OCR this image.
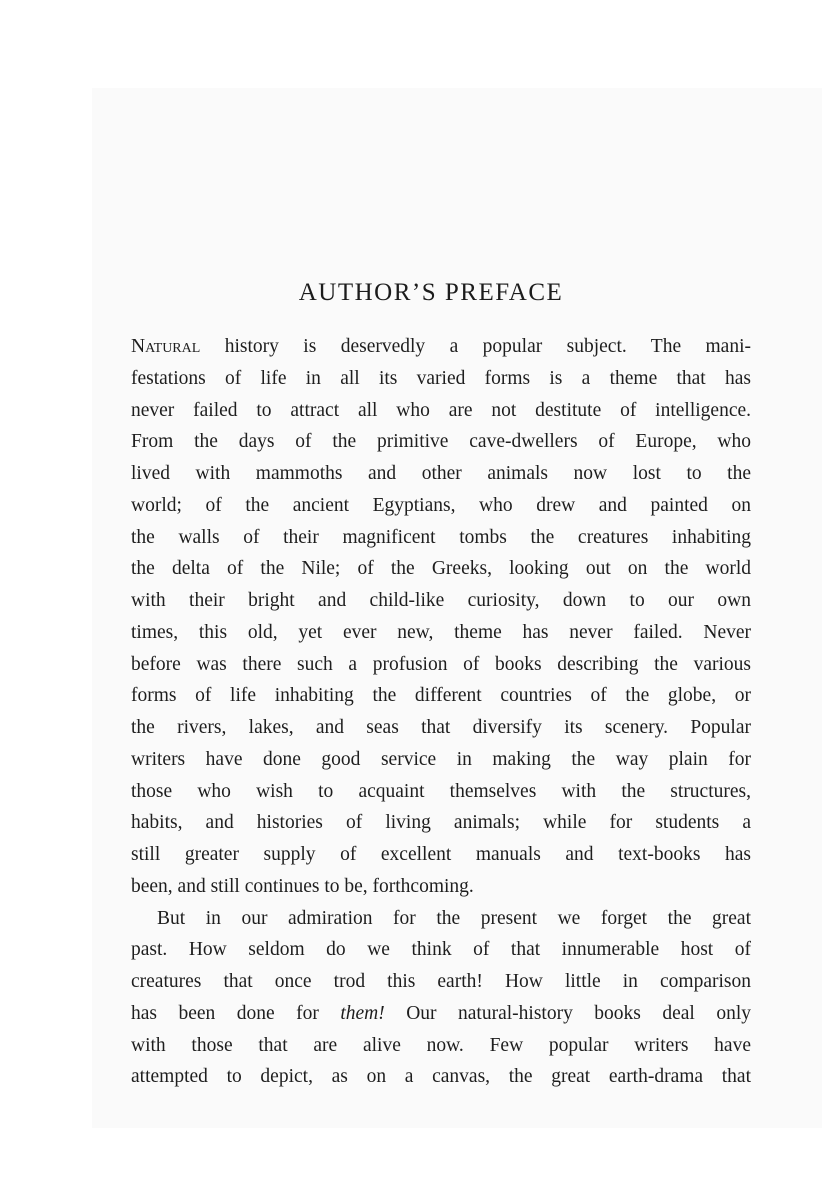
AUTHOR’S PREFACE
Natural history is deservedly a popular subject. The mani-
festations of life in all its varied forms is a theme that has
never failed to attract all who are not destitute of intelligence.
From the days of the primitive cave-dwellers of Europe, who
lived with mammoths and other animals now lost to the
world; of the ancient Egyptians, who drew and painted on
the walls of their magnificent tombs the creatures inhabiting
the delta of the Nile; of the Greeks, looking out on the world
with their bright and child-like curiosity, down to our own
times, this old, yet ever new, theme has never failed. Never
before was there such a profusion of books describing the various
forms of life inhabiting the different countries of the globe, or
the rivers, lakes, and seas that diversify its scenery. Popular
writers have done good service in making the way plain for
those who wish to acquaint themselves with the structures,
habits, and histories of living animals; while for students a
still greater supply of excellent manuals and text-books has
been, and still continues to be, forthcoming.
But in our admiration for the present we forget the great
past. How seldom do we think of that innumerable host of
creatures that once trod this earth! How little in comparison
has been done for them! Our natural-history books deal only
with those that are alive now. Few popular writers have
attempted to depict, as on a canvas, the great earth-drama that
